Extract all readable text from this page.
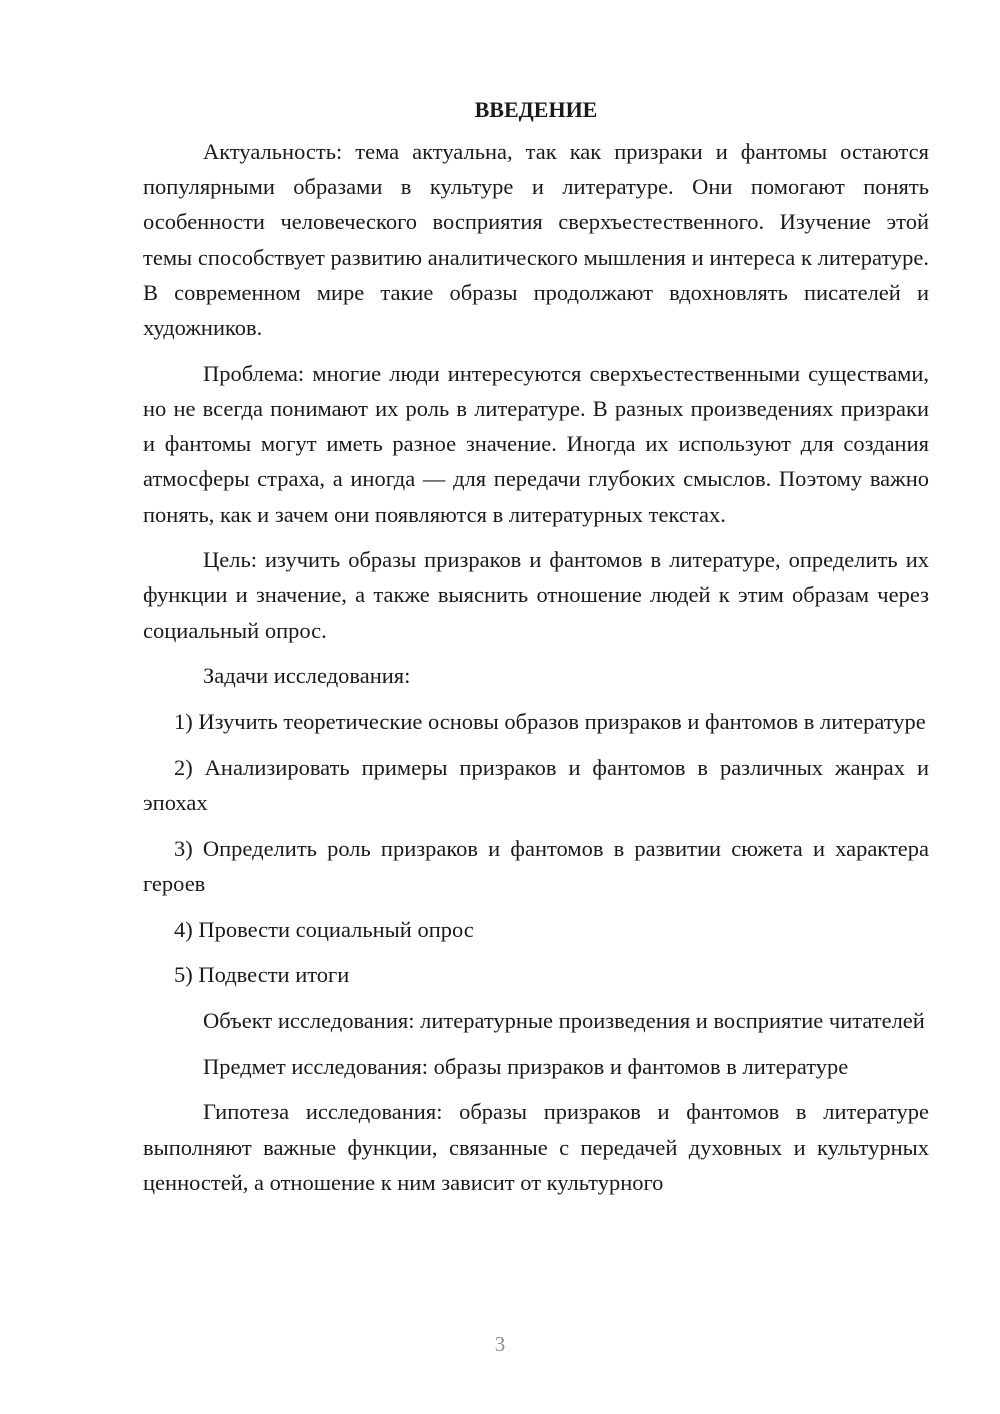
ВВЕДЕНИЕ

Актуальность: тема актуальна, так как призраки и фантомы остаются популярными образами в культуре и литературе. Они помогают понять особенности человеческого восприятия сверхъестественного. Изучение этой темы способствует развитию аналитического мышления и интереса к литературе. В современном мире такие образы продолжают вдохновлять писателей и художников.

Проблема: многие люди интересуются сверхъестественными существами, но не всегда понимают их роль в литературе. В разных произведениях призраки и фантомы могут иметь разное значение. Иногда их используют для создания атмосферы страха, а иногда — для передачи глубоких смыслов. Поэтому важно понять, как и зачем они появляются в литературных текстах.

Цель: изучить образы призраков и фантомов в литературе, определить их функции и значение, а также выяснить отношение людей к этим образам через социальный опрос.

Задачи исследования:

1) Изучить теоретические основы образов призраков и фантомов в литературе

2) Анализировать примеры призраков и фантомов в различных жанрах и эпохах

3) Определить роль призраков и фантомов в развитии сюжета и характера героев

4) Провести социальный опрос

5) Подвести итоги

Объект исследования: литературные произведения и восприятие читателей

Предмет исследования: образы призраков и фантомов в литературе

Гипотеза исследования: образы призраков и фантомов в литературе выполняют важные функции, связанные с передачей духовных и культурных ценностей, а отношение к ним зависит от культурного

3
